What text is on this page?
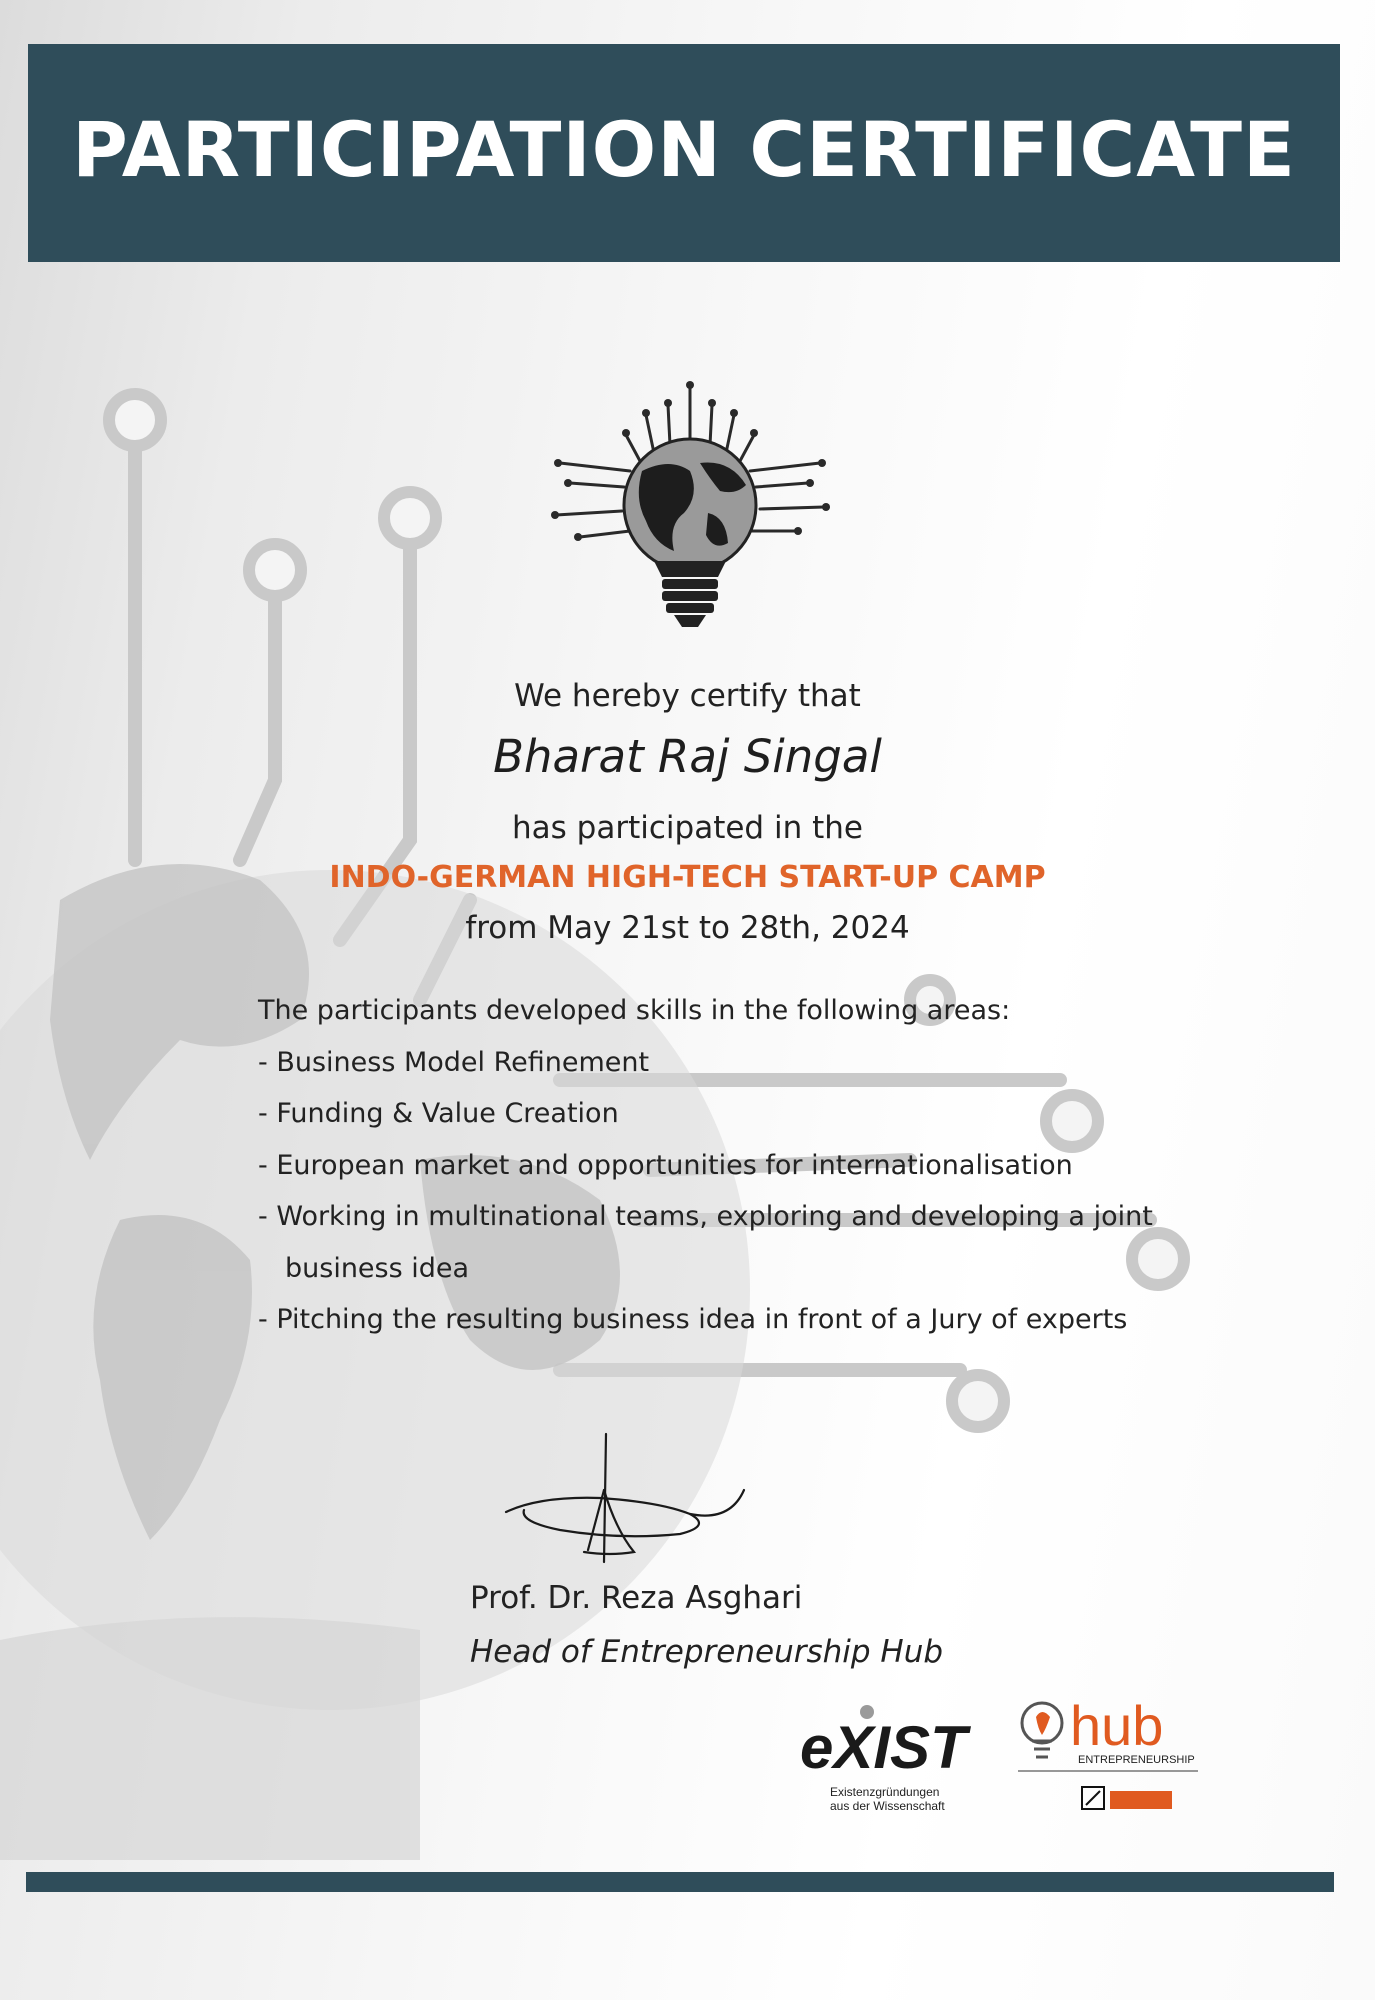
PARTICIPATION CERTIFICATE
We hereby certify that
Bharat Raj Singal
has participated in the
INDO-GERMAN HIGH-TECH START-UP CAMP
from May 21st to 28th, 2024
The participants developed skills in the following areas:
- Business Model Refinement
- Funding & Value Creation
- European market and opportunities for internationalisation
- Working in multinational teams, exploring and developing a joint
business idea
- Pitching the resulting business idea in front of a Jury of experts
Prof. Dr. Reza Asghari
Head of Entrepreneurship Hub
eXIST
Existenzgründungen
aus der Wissenschaft
hub
ENTREPRENEURSHIP
